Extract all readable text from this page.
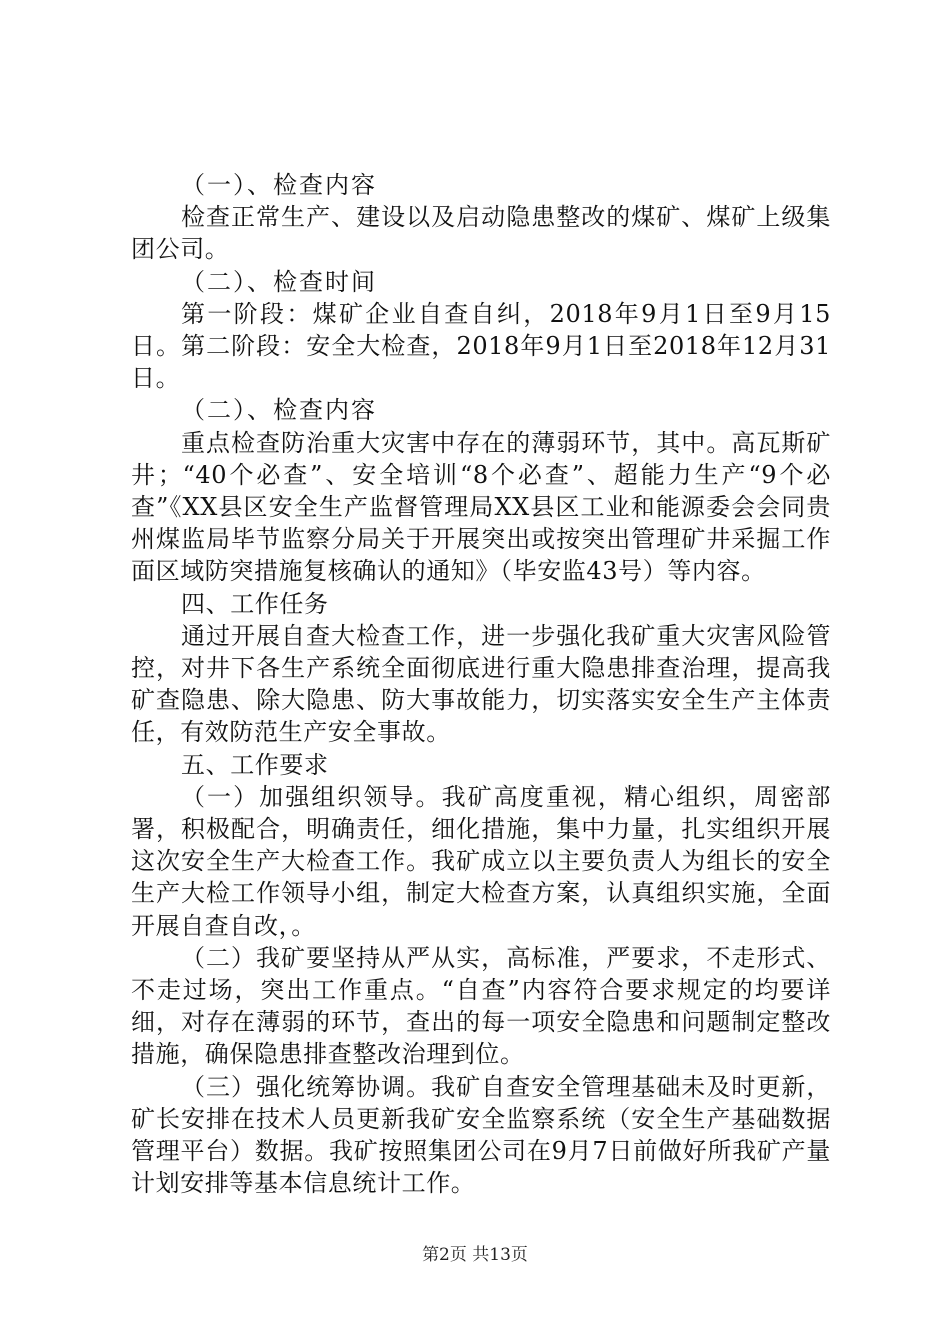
（一）、检查内容

检查正常生产、建设以及启动隐患整改的煤矿、煤矿上级集团公司。

（二）、检查时间

第一阶段：煤矿企业自查自纠，2018年9月1日至9月15日。第二阶段：安全大检查，2018年9月1日至2018年12月31日。

（二）、检查内容

重点检查防治重大灾害中存在的薄弱环节，其中。高瓦斯矿井；“40个必查”、安全培训“8个必查”、超能力生产“9个必查”《XX县区安全生产监督管理局XX县区工业和能源委会会同贵州煤监局毕节监察分局关于开展突出或按突出管理矿井采掘工作面区域防突措施复核确认的通知》（毕安监43号）等内容。

四、工作任务

通过开展自查大检查工作，进一步强化我矿重大灾害风险管控，对井下各生产系统全面彻底进行重大隐患排查治理，提高我矿查隐患、除大隐患、防大事故能力，切实落实安全生产主体责任，有效防范生产安全事故。

五、工作要求

（一）加强组织领导。我矿高度重视，精心组织，周密部署，积极配合，明确责任，细化措施，集中力量，扎实组织开展这次安全生产大检查工作。我矿成立以主要负责人为组长的安全生产大检工作领导小组，制定大检查方案，认真组织实施，全面开展自查自改，。

（二）我矿要坚持从严从实，高标准，严要求，不走形式、不走过场，突出工作重点。“自查”内容符合要求规定的均要详细，对存在薄弱的环节，查出的每一项安全隐患和问题制定整改措施，确保隐患排查整改治理到位。

（三）强化统筹协调。我矿自查安全管理基础未及时更新，矿长安排在技术人员更新我矿安全监察系统（安全生产基础数据管理平台）数据。我矿按照集团公司在9月7日前做好所我矿产量计划安排等基本信息统计工作。

第2页 共13页
